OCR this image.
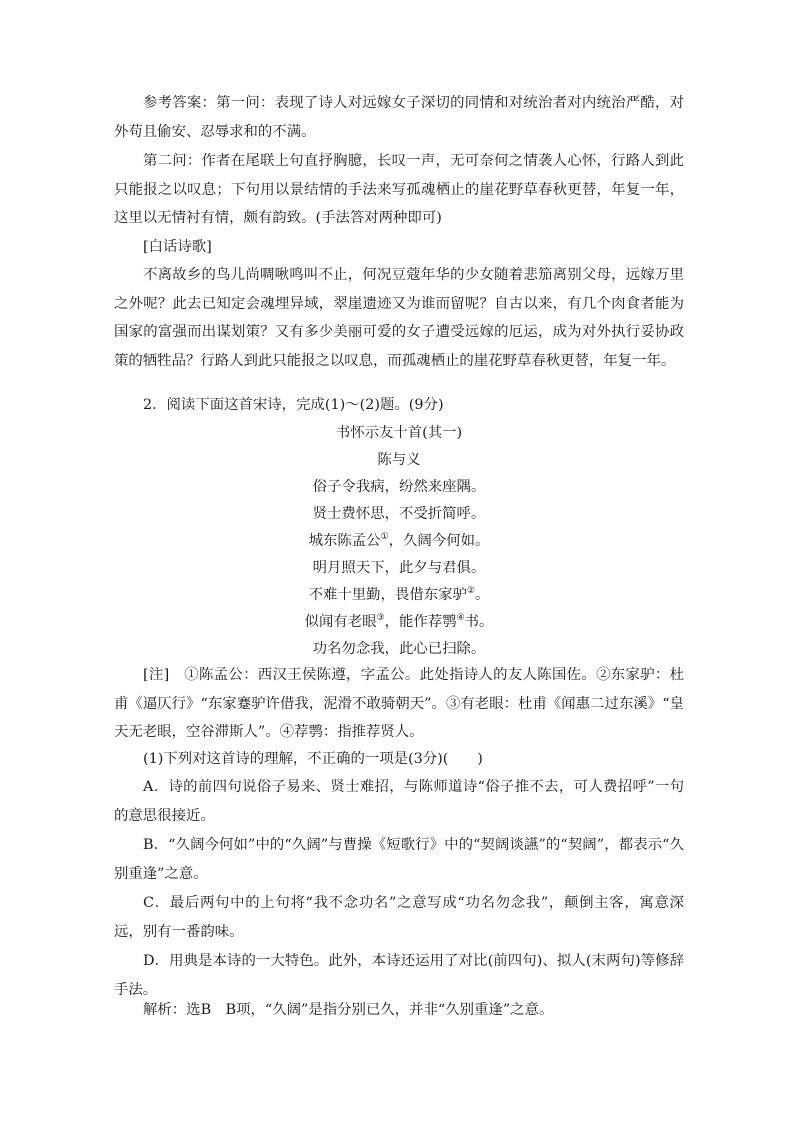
参考答案：第一问：表现了诗人对远嫁女子深切的同情和对统治者对内统治严酷，对外苟且偷安、忍辱求和的不满。

第二问：作者在尾联上句直抒胸臆，长叹一声，无可奈何之情袭人心怀，行路人到此只能报之以叹息；下句用以景结情的手法来写孤魂栖止的崖花野草春秋更替，年复一年，这里以无情衬有情，颇有韵致。(手法答对两种即可)

[白话诗歌]

不离故乡的鸟儿尚啁啾鸣叫不止，何况豆蔻年华的少女随着悲笳离别父母，远嫁万里之外呢？此去已知定会魂埋异域，翠崖遗迹又为谁而留呢？自古以来，有几个肉食者能为国家的富强而出谋划策？又有多少美丽可爱的女子遭受远嫁的厄运，成为对外执行妥协政策的牺牲品？行路人到此只能报之以叹息，而孤魂栖止的崖花野草春秋更替，年复一年。

2．阅读下面这首宋诗，完成(1)～(2)题。(9分)

书怀示友十首(其一)
陈与义
俗子令我病，纷然来座隅。
贤士费怀思，不受折简呼。
城东陈孟公①，久阔今何如。
明月照天下，此夕与君俱。
不难十里勤，畏借东家驴②。
似闻有老眼③，能作荐鹗④书。
功名勿念我，此心已扫除。

[注]　①陈孟公：西汉王侯陈遵，字孟公。此处指诗人的友人陈国佐。②东家驴：杜甫《逼仄行》“东家蹇驴许借我，泥滑不敢骑朝天”。③有老眼：杜甫《闻惠二过东溪》“皇天无老眼，空谷滞斯人”。④荐鹗：指推荐贤人。

(1)下列对这首诗的理解，不正确的一项是(3分)(　　)

A．诗的前四句说俗子易来、贤士难招，与陈师道诗“俗子推不去，可人费招呼”一句的意思很接近。

B．“久阔今何如”中的“久阔”与曹操《短歌行》中的“契阔谈讌”的“契阔”，都表示“久别重逢”之意。

C．最后两句中的上句将“我不念功名”之意写成“功名勿念我”，颠倒主客，寓意深远，别有一番韵味。

D．用典是本诗的一大特色。此外，本诗还运用了对比(前四句)、拟人(末两句)等修辞手法。

解析：选B　B项，“久阔”是指分别已久，并非“久别重逢”之意。
